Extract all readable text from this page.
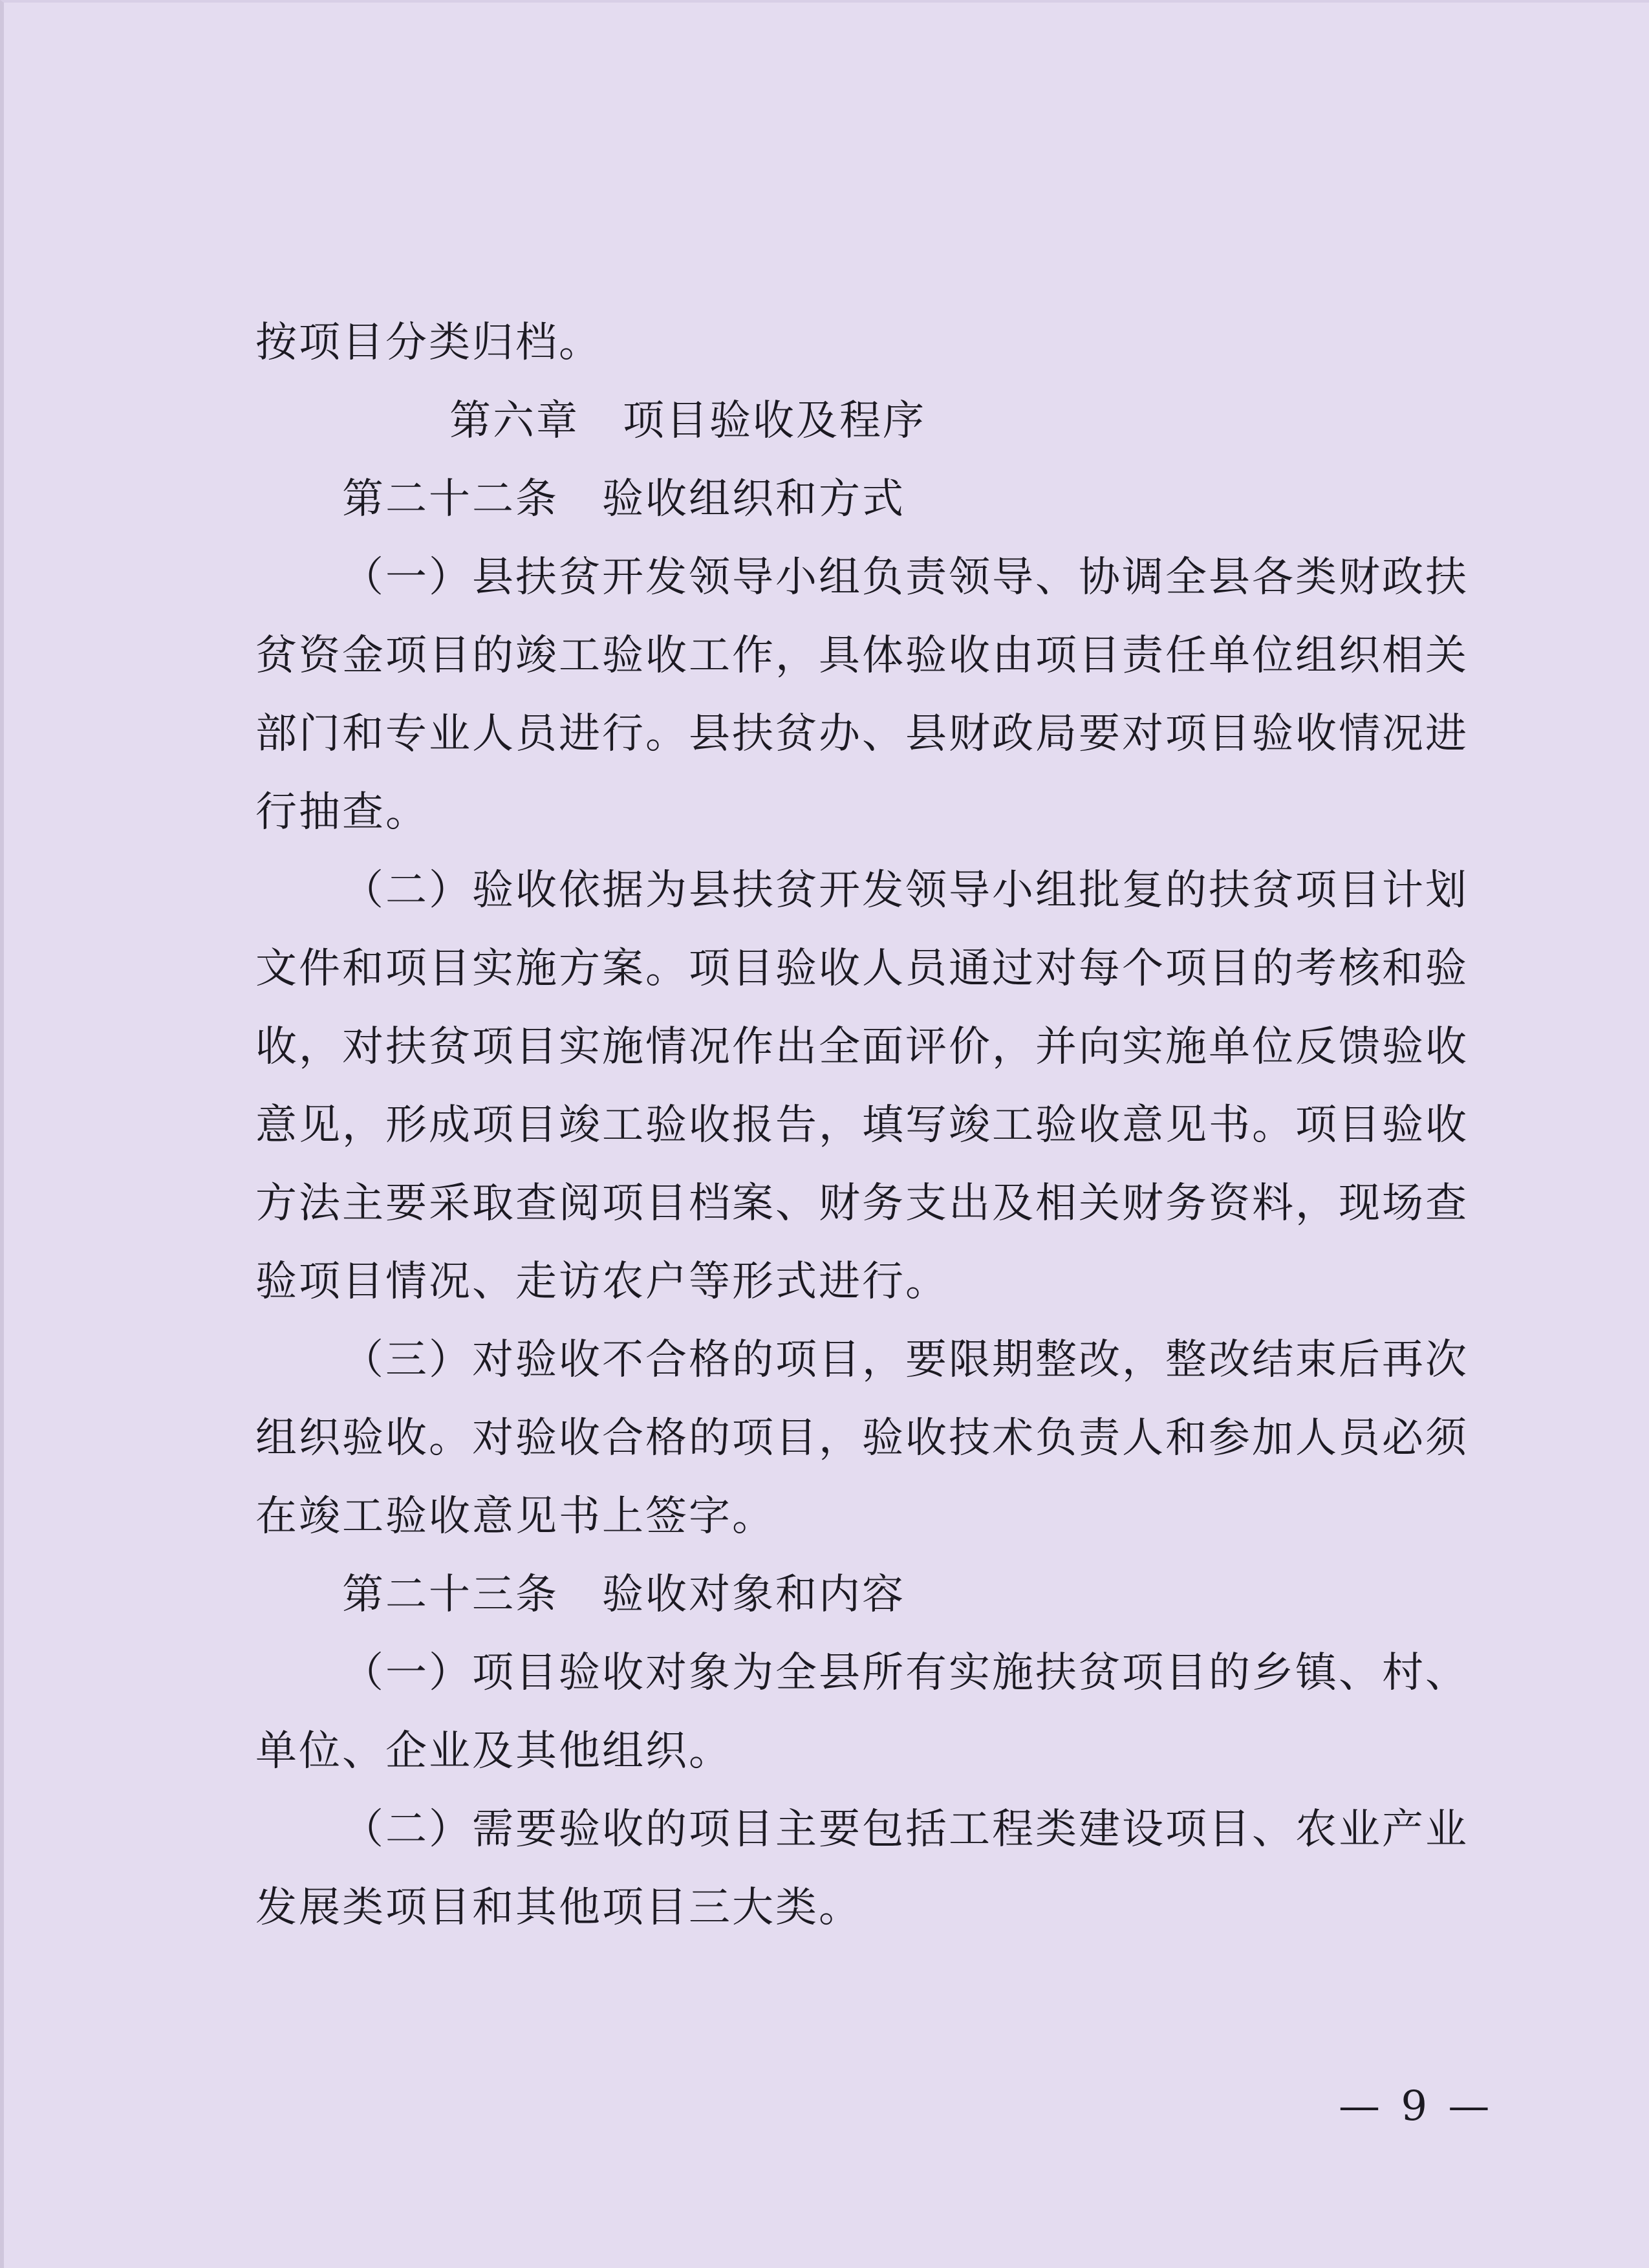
按项目分类归档。
第六章　项目验收及程序
第二十二条　验收组织和方式
（一）县扶贫开发领导小组负责领导、协调全县各类财政扶
贫资金项目的竣工验收工作，具体验收由项目责任单位组织相关
部门和专业人员进行。县扶贫办、县财政局要对项目验收情况进
行抽查。
（二）验收依据为县扶贫开发领导小组批复的扶贫项目计划
文件和项目实施方案。项目验收人员通过对每个项目的考核和验
收，对扶贫项目实施情况作出全面评价，并向实施单位反馈验收
意见，形成项目竣工验收报告，填写竣工验收意见书。项目验收
方法主要采取查阅项目档案、财务支出及相关财务资料，现场查
验项目情况、走访农户等形式进行。
（三）对验收不合格的项目，要限期整改，整改结束后再次
组织验收。对验收合格的项目，验收技术负责人和参加人员必须
在竣工验收意见书上签字。
第二十三条　验收对象和内容
（一）项目验收对象为全县所有实施扶贫项目的乡镇、村、
单位、企业及其他组织。
（二）需要验收的项目主要包括工程类建设项目、农业产业
发展类项目和其他项目三大类。
— 9 —
